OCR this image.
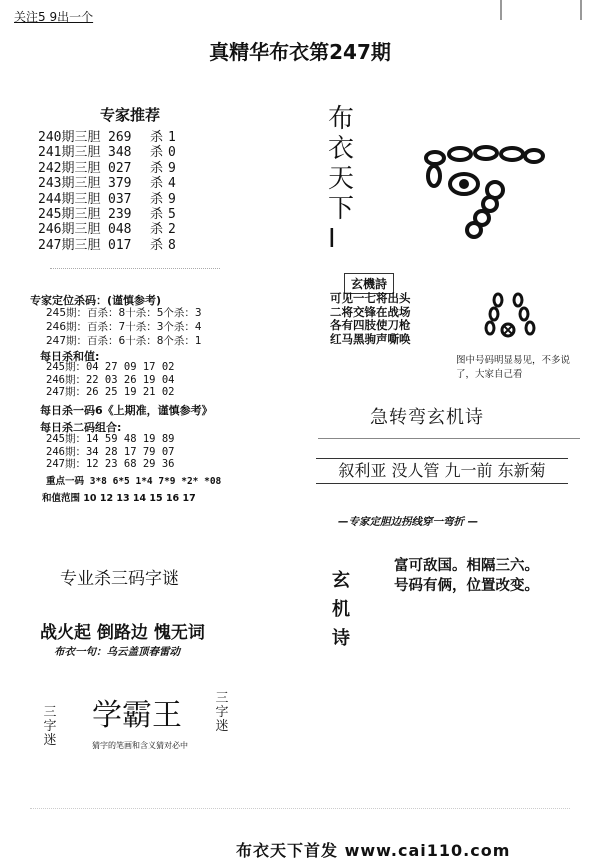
关注5 9出一个
真精华布衣第247期
专家推荐
240期三胆 269 杀 1
241期三胆 348 杀 0
242期三胆 027 杀 9
243期三胆 379 杀 4
244期三胆 037 杀 9
245期三胆 239 杀 5
246期三胆 048 杀 2
247期三胆 017 杀 8
专家定位杀码：(谨慎参考)
245期：百杀：8十杀：5个杀：3
246期：百杀：7十杀：3个杀：4
247期：百杀：6十杀：8个杀：1
每日杀和值:
245期：04 27 09 17 02
246期：22 03 26 19 04
247期：26 25 19 21 02
每日杀一码6《上期准，谨慎参考》
每日杀二码组合:
245期：14 59 48 19 89
246期：34 28 17 79 07
247期：12 23 68 29 36
重点一码 3*8 6*5 1*4 7*9 *2* *08
和值范围 10 12 13 14 15 16 17
专业杀三码字谜
战火起 倒路边 愧无词
布衣一句：乌云盖顶春雷动
三
字
迷
学霸王
猜字的笔画和含义猜对必中
三
字
迷
布
衣
天
下
I
玄機詩
可见一七将出头
二将交锋在战场
各有四肢使刀枪
红马黑驹声嘶唤
图中号码明显易见，不多说了，大家自己看
急转弯玄机诗
叙利亚 没人管 九一前 东新菊
—专家定胆边拐线穿一弯折 —
玄
机
诗
富可敌国。相隔三六。
号码有俩，位置改变。
布衣天下首发 www.cai110.com
